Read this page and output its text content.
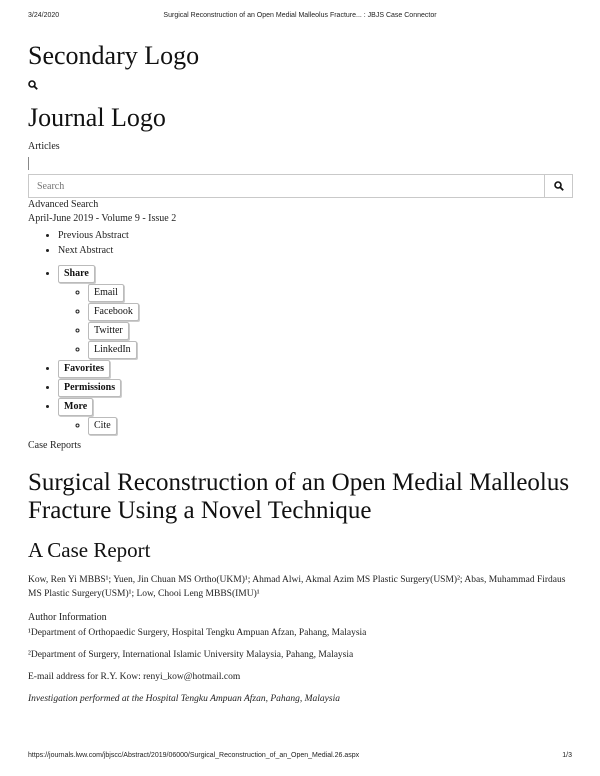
3/24/2020	Surgical Reconstruction of an Open Medial Malleolus Fracture... : JBJS Case Connector
Secondary Logo
Journal Logo
Articles
Search
Advanced Search
April-June 2019 - Volume 9 - Issue 2
• Previous Abstract
• Next Abstract
• Share
◦ Email
◦ Facebook
◦ Twitter
◦ LinkedIn
• Favorites
• Permissions
• More
◦ Cite
Case Reports
Surgical Reconstruction of an Open Medial Malleolus Fracture Using a Novel Technique
A Case Report
Kow, Ren Yi MBBS¹; Yuen, Jin Chuan MS Ortho(UKM)¹; Ahmad Alwi, Akmal Azim MS Plastic Surgery(USM)²; Abas, Muhammad Firdaus MS Plastic Surgery(USM)¹; Low, Chooi Leng MBBS(IMU)¹
Author Information
¹Department of Orthopaedic Surgery, Hospital Tengku Ampuan Afzan, Pahang, Malaysia
²Department of Surgery, International Islamic University Malaysia, Pahang, Malaysia
E-mail address for R.Y. Kow: renyi_kow@hotmail.com
Investigation performed at the Hospital Tengku Ampuan Afzan, Pahang, Malaysia
https://journals.lww.com/jbjscc/Abstract/2019/06000/Surgical_Reconstruction_of_an_Open_Medial.26.aspx	1/3
